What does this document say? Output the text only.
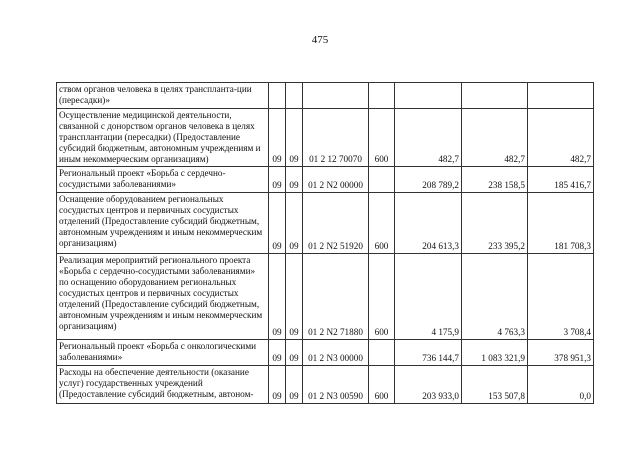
475
ством органов человека в целях транспланта-ции (пересадки)»							
Осуществление медицинской деятельности, связанной с донорством органов человека в целях трансплантации (пересадки) (Предоставление субсидий бюджетным, автономным учреждениям и иным некоммерческим организациям)	09	09	01 2 12 70070	600	482,7	482,7	482,7
Региональный проект «Борьба с сердечно-сосудистыми заболеваниями»	09	09	01 2 N2 00000		208 789,2	238 158,5	185 416,7
Оснащение оборудованием региональных сосудистых центров и первичных сосудистых отделений (Предоставление субсидий бюджетным, автономным учреждениям и иным некоммерческим организациям)	09	09	01 2 N2 51920	600	204 613,3	233 395,2	181 708,3
Реализация мероприятий регионального проекта «Борьба с сердечно-сосудистыми заболеваниями» по оснащению оборудованием региональных сосудистых центров и первичных сосудистых отделений (Предоставление субсидий бюджетным, автономным учреждениям и иным некоммерческим организациям)	09	09	01 2 N2 71880	600	4 175,9	4 763,3	3 708,4
Региональный проект «Борьба с онкологическими заболеваниями»	09	09	01 2 N3 00000		736 144,7	1 083 321,9	378 951,3
Расходы на обеспечение деятельности (оказание услуг) государственных учреждений (Предоставление субсидий бюджетным, автоном-	09	09	01 2 N3 00590	600	203 933,0	153 507,8	0,0
